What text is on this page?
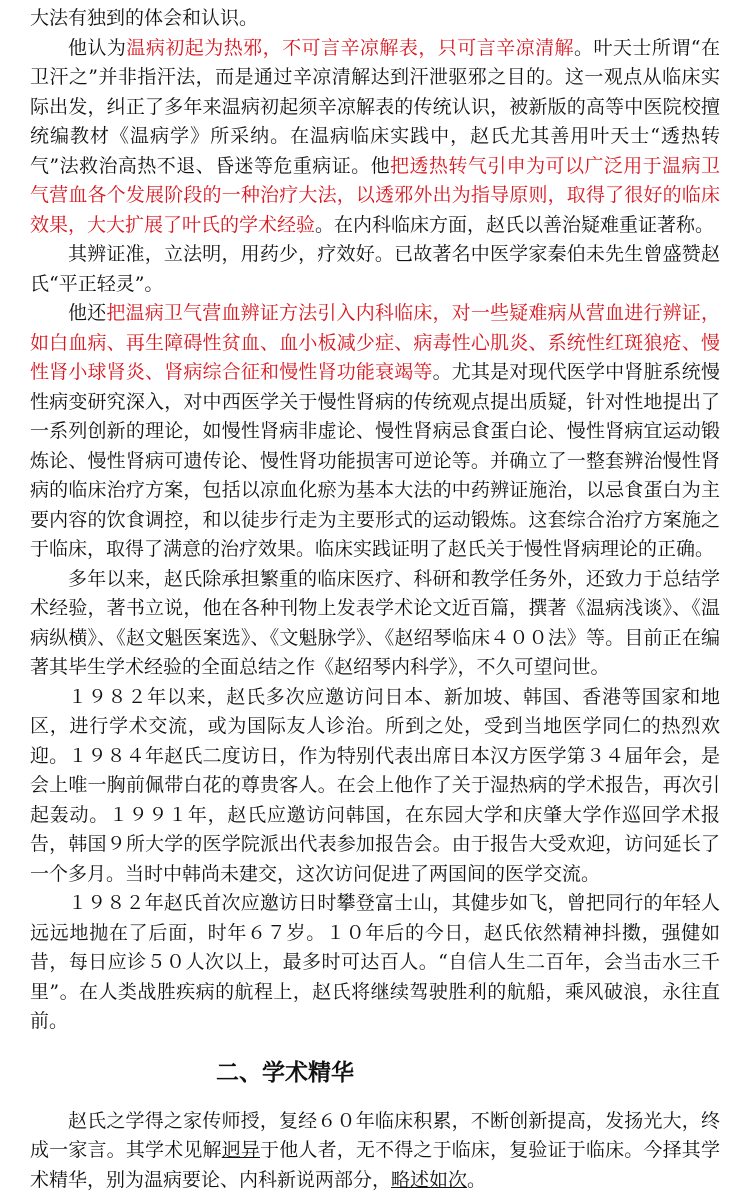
大法有独到的体会和认识。

他认为温病初起为热邪，不可言辛凉解表，只可言辛凉清解。叶天士所谓“在卫汗之”并非指汗法，而是通过辛凉清解达到汗泄驱邪之目的。这一观点从临床实际出发，纠正了多年来温病初起须辛凉解表的传统认识，被新版的高等中医院校擅统编教材《温病学》所采纳。在温病临床实践中，赵氏尤其善用叶天士“透热转气”法救治高热不退、昏迷等危重病证。他把透热转气引申为可以广泛用于温病卫气营血各个发展阶段的一种治疗大法，以透邪外出为指导原则，取得了很好的临床效果，大大扩展了叶氏的学术经验。在内科临床方面，赵氏以善治疑难重证著称。

其辨证准，立法明，用药少，疗效好。已故著名中医学家秦伯未先生曾盛赞赵氏“平正轻灵”。

他还把温病卫气营血辨证方法引入内科临床，对一些疑难病从营血进行辨证，如白血病、再生障碍性贫血、血小板减少症、病毒性心肌炎、系统性红斑狼疮、慢性肾小球肾炎、肾病综合征和慢性肾功能衰竭等。尤其是对现代医学中肾脏系统慢性病变研究深入，对中西医学关于慢性肾病的传统观点提出质疑，针对性地提出了一系列创新的理论，如慢性肾病非虚论、慢性肾病忌食蛋白论、慢性肾病宜运动锻炼论、慢性肾病可遗传论、慢性肾功能损害可逆论等。并确立了一整套辨治慢性肾病的临床治疗方案，包括以凉血化瘀为基本大法的中药辨证施治，以忌食蛋白为主要内容的饮食调控，和以徒步行走为主要形式的运动锻炼。这套综合治疗方案施之于临床，取得了满意的治疗效果。临床实践证明了赵氏关于慢性肾病理论的正确。

多年以来，赵氏除承担繁重的临床医疗、科研和教学任务外，还致力于总结学术经验，著书立说，他在各种刊物上发表学术论文近百篇，撰著《温病浅谈》、《温病纵横》、《赵文魁医案选》、《文魁脉学》、《赵绍琴临床４００法》等。目前正在编著其毕生学术经验的全面总结之作《赵绍琴内科学》，不久可望问世。

１９８２年以来，赵氏多次应邀访问日本、新加坡、韩国、香港等国家和地区，进行学术交流，或为国际友人诊治。所到之处，受到当地医学同仁的热烈欢迎。１９８４年赵氏二度访日，作为特别代表出席日本汉方医学第３４届年会，是会上唯一胸前佩带白花的尊贵客人。在会上他作了关于湿热病的学术报告，再次引起轰动。１９９１年，赵氏应邀访问韩国，在东园大学和庆肇大学作巡回学术报告，韩国９所大学的医学院派出代表参加报告会。由于报告大受欢迎，访问延长了一个多月。当时中韩尚未建交，这次访问促进了两国间的医学交流。

１９８２年赵氏首次应邀访日时攀登富士山，其健步如飞，曾把同行的年轻人远远地抛在了后面，时年６７岁。１０年后的今日，赵氏依然精神抖擞，强健如昔，每日应诊５０人次以上，最多时可达百人。“自信人生二百年，会当击水三千里”。在人类战胜疾病的航程上，赵氏将继续驾驶胜利的航船，乘风破浪，永往直前。

二、学术精华

赵氏之学得之家传师授，复经６０年临床积累，不断创新提高，发扬光大，终成一家言。其学术见解迥异于他人者，无不得之于临床，复验证于临床。今择其学术精华，别为温病要论、内科新说两部分，略述如次。
